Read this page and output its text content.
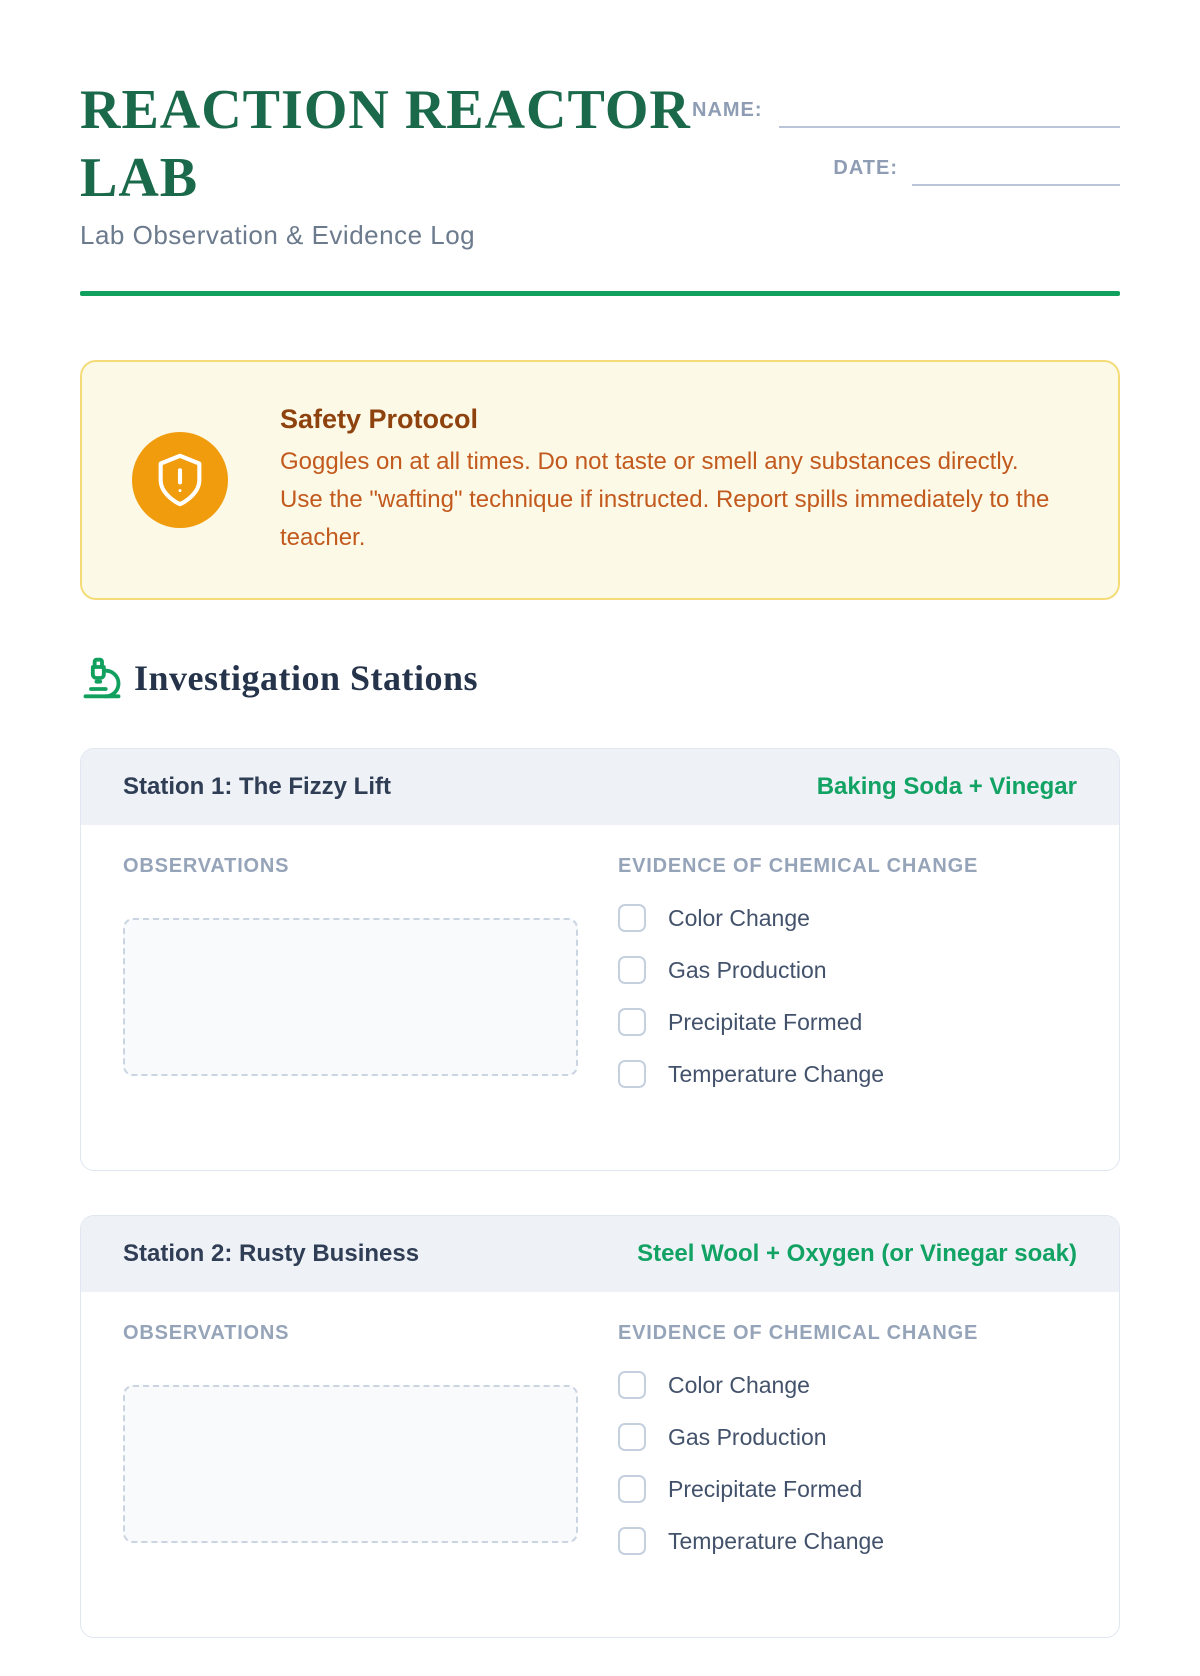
REACTION REACTOR LAB
Lab Observation & Evidence Log
NAME:
DATE:
Safety Protocol
Goggles on at all times. Do not taste or smell any substances directly. Use the "wafting" technique if instructed. Report spills immediately to the teacher.
Investigation Stations
Station 1: The Fizzy Lift	Baking Soda + Vinegar
OBSERVATIONS	EVIDENCE OF CHEMICAL CHANGE
Color Change
Gas Production
Precipitate Formed
Temperature Change
Station 2: Rusty Business	Steel Wool + Oxygen (or Vinegar soak)
OBSERVATIONS	EVIDENCE OF CHEMICAL CHANGE
Color Change
Gas Production
Precipitate Formed
Temperature Change
